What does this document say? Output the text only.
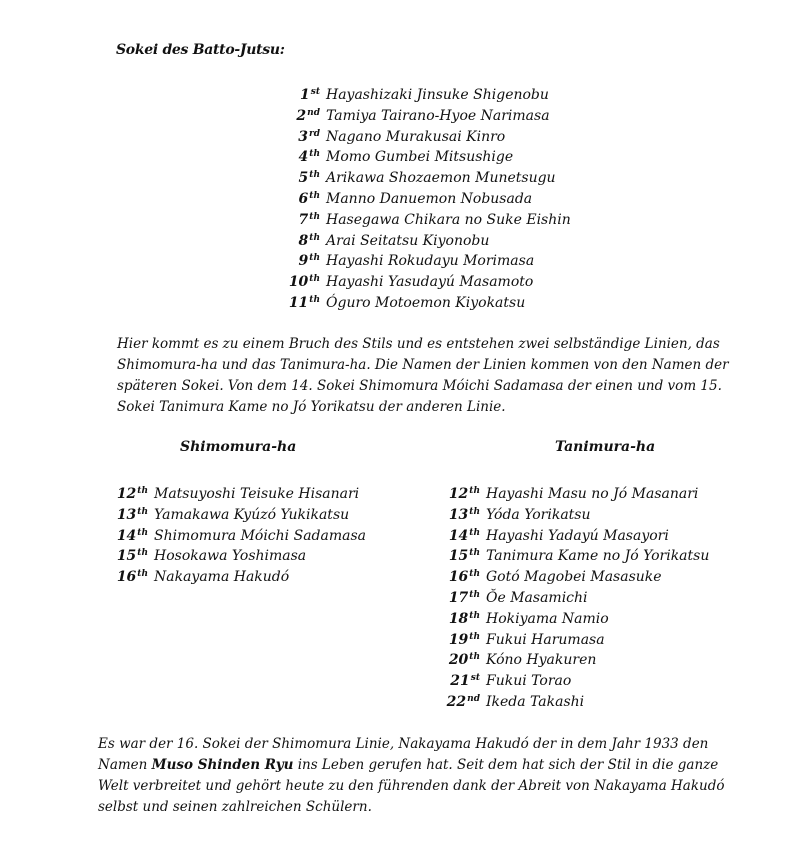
Sokei des Batto-Jutsu:
1st Hayashizaki Jinsuke Shigenobu
2nd Tamiya Tairano-Hyoe Narimasa
3rd Nagano Murakusai Kinro
4th Momo Gumbei Mitsushige
5th Arikawa Shozaemon Munetsugu
6th Manno Danuemon Nobusada
7th Hasegawa Chikara no Suke Eishin
8th Arai Seitatsu Kiyonobu
9th Hayashi Rokudayu Morimasa
10th Hayashi Yasudayú Masamoto
11th Óguro Motoemon Kiyokatsu
Hier kommt es zu einem Bruch des Stils und es entstehen zwei selbständige Linien, das Shimomura-ha und das Tanimura-ha. Die Namen der Linien kommen von den Namen der späteren Sokei. Von dem 14. Sokei Shimomura Móichi Sadamasa der einen und vom 15. Sokei Tanimura Kame no Jó Yorikatsu der anderen Linie.
Shimomura-ha	Tanimura-ha
12th Matsuyoshi Teisuke Hisanari
13th Yamakawa Kyúzó Yukikatsu
14th Shimomura Móichi Sadamasa
15th Hosokawa Yoshimasa
16th Nakayama Hakudó
12th Hayashi Masu no Jó Masanari
13th Yóda Yorikatsu
14th Hayashi Yadayú Masayori
15th Tanimura Kame no Jó Yorikatsu
16th Gotó Magobei Masasuke
17th Ŏe Masamichi
18th Hokiyama Namio
19th Fukui Harumasa
20th Kóno Hyakuren
21st Fukui Torao
22nd Ikeda Takashi
Es war der 16. Sokei der Shimomura Linie, Nakayama Hakudó der in dem Jahr 1933 den Namen Muso Shinden Ryu ins Leben gerufen hat. Seit dem hat sich der Stil in die ganze Welt verbreitet und gehört heute zu den führenden dank der Abreit von Nakayama Hakudó selbst und seinen zahlreichen Schülern.
